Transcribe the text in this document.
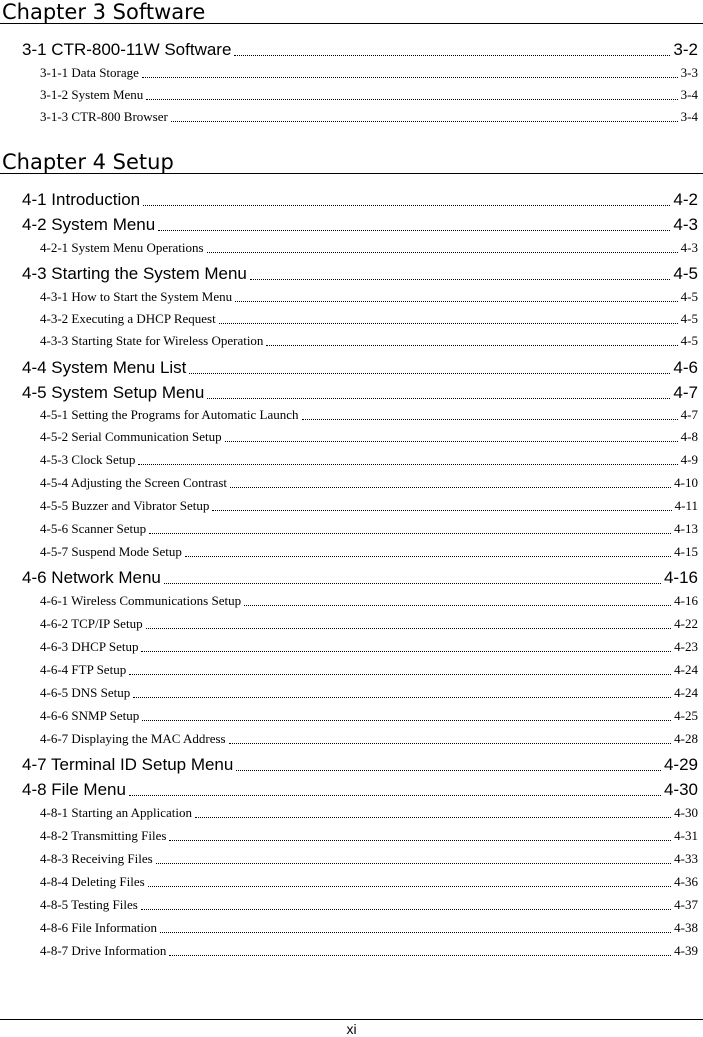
Chapter 3 Software
3-1 CTR-800-11W Software	3-2
3-1-1 Data Storage	3-3
3-1-2 System Menu	3-4
3-1-3 CTR-800 Browser	3-4
Chapter 4 Setup
4-1 Introduction	4-2
4-2 System Menu	4-3
4-2-1 System Menu Operations	4-3
4-3 Starting the System Menu	4-5
4-3-1 How to Start the System Menu	4-5
4-3-2 Executing a DHCP Request	4-5
4-3-3 Starting State for Wireless Operation	4-5
4-4 System Menu List	4-6
4-5 System Setup Menu	4-7
4-5-1 Setting the Programs for Automatic Launch	4-7
4-5-2 Serial Communication Setup	4-8
4-5-3 Clock Setup	4-9
4-5-4 Adjusting the Screen Contrast	4-10
4-5-5 Buzzer and Vibrator Setup	4-11
4-5-6 Scanner Setup	4-13
4-5-7 Suspend Mode Setup	4-15
4-6 Network Menu	4-16
4-6-1 Wireless Communications Setup	4-16
4-6-2 TCP/IP Setup	4-22
4-6-3 DHCP Setup	4-23
4-6-4 FTP Setup	4-24
4-6-5 DNS Setup	4-24
4-6-6 SNMP Setup	4-25
4-6-7 Displaying the MAC Address	4-28
4-7 Terminal ID Setup Menu	4-29
4-8 File Menu	4-30
4-8-1 Starting an Application	4-30
4-8-2 Transmitting Files	4-31
4-8-3 Receiving Files	4-33
4-8-4 Deleting Files	4-36
4-8-5 Testing Files	4-37
4-8-6 File Information	4-38
4-8-7 Drive Information	4-39
xi
